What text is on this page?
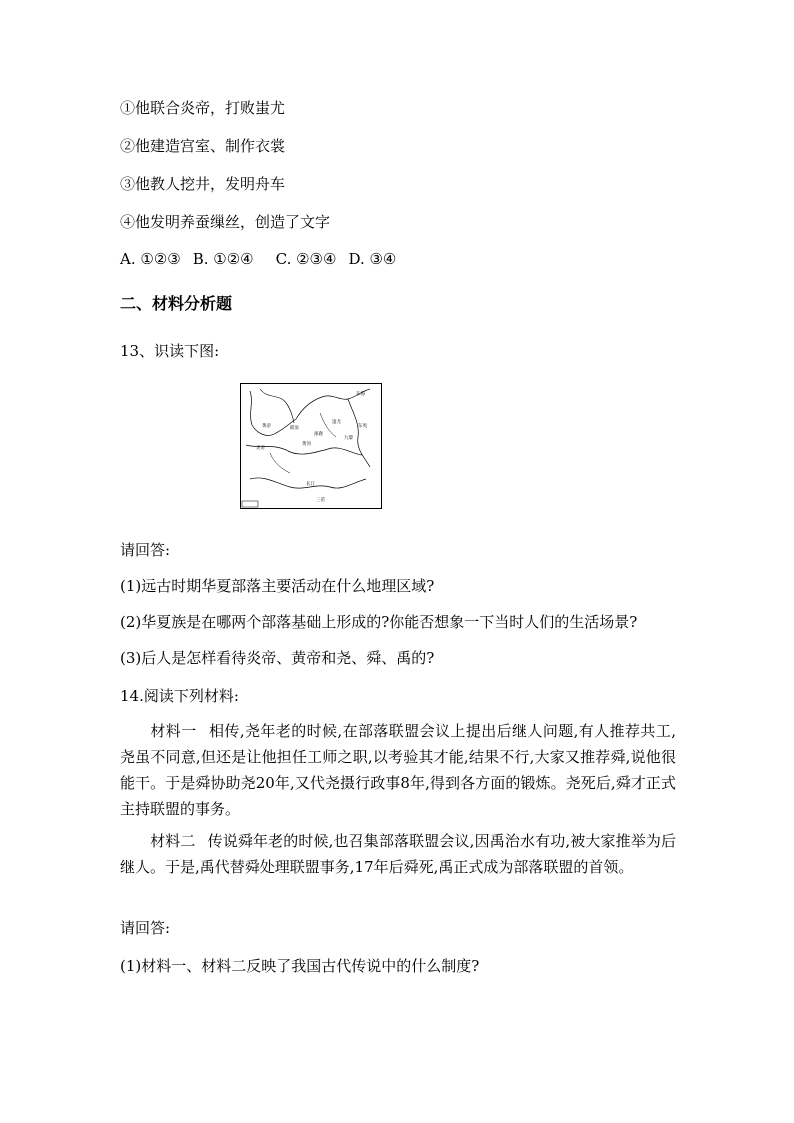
①他联合炎帝，打败蚩尤
②他建造宫室、制作衣裳
③他教人挖井，发明舟车
④他发明养蚕缫丝，创造了文字
A. ①②③ B. ①②④ C. ②③④ D. ③④
二、材料分析题
13、识读下图:
黄帝
炎帝
蚩尤
黄河
长江
三苗
涿鹿
阪泉
九黎
东夷
东海
请回答:
(1)远古时期华夏部落主要活动在什么地理区域?
(2)华夏族是在哪两个部落基础上形成的?你能否想象一下当时人们的生活场景?
(3)后人是怎样看待炎帝、黄帝和尧、舜、禹的?
14.阅读下列材料:
材料一 相传,尧年老的时候,在部落联盟会议上提出后继人问题,有人推荐共工,尧虽不同意,但还是让他担任工师之职,以考验其才能,结果不行,大家又推荐舜,说他很能干。于是舜协助尧20年,又代尧摄行政事8年,得到各方面的锻炼。尧死后,舜才正式主持联盟的事务。
材料二 传说舜年老的时候,也召集部落联盟会议,因禹治水有功,被大家推举为后继人。于是,禹代替舜处理联盟事务,17年后舜死,禹正式成为部落联盟的首领。
请回答:
(1)材料一、材料二反映了我国古代传说中的什么制度?
